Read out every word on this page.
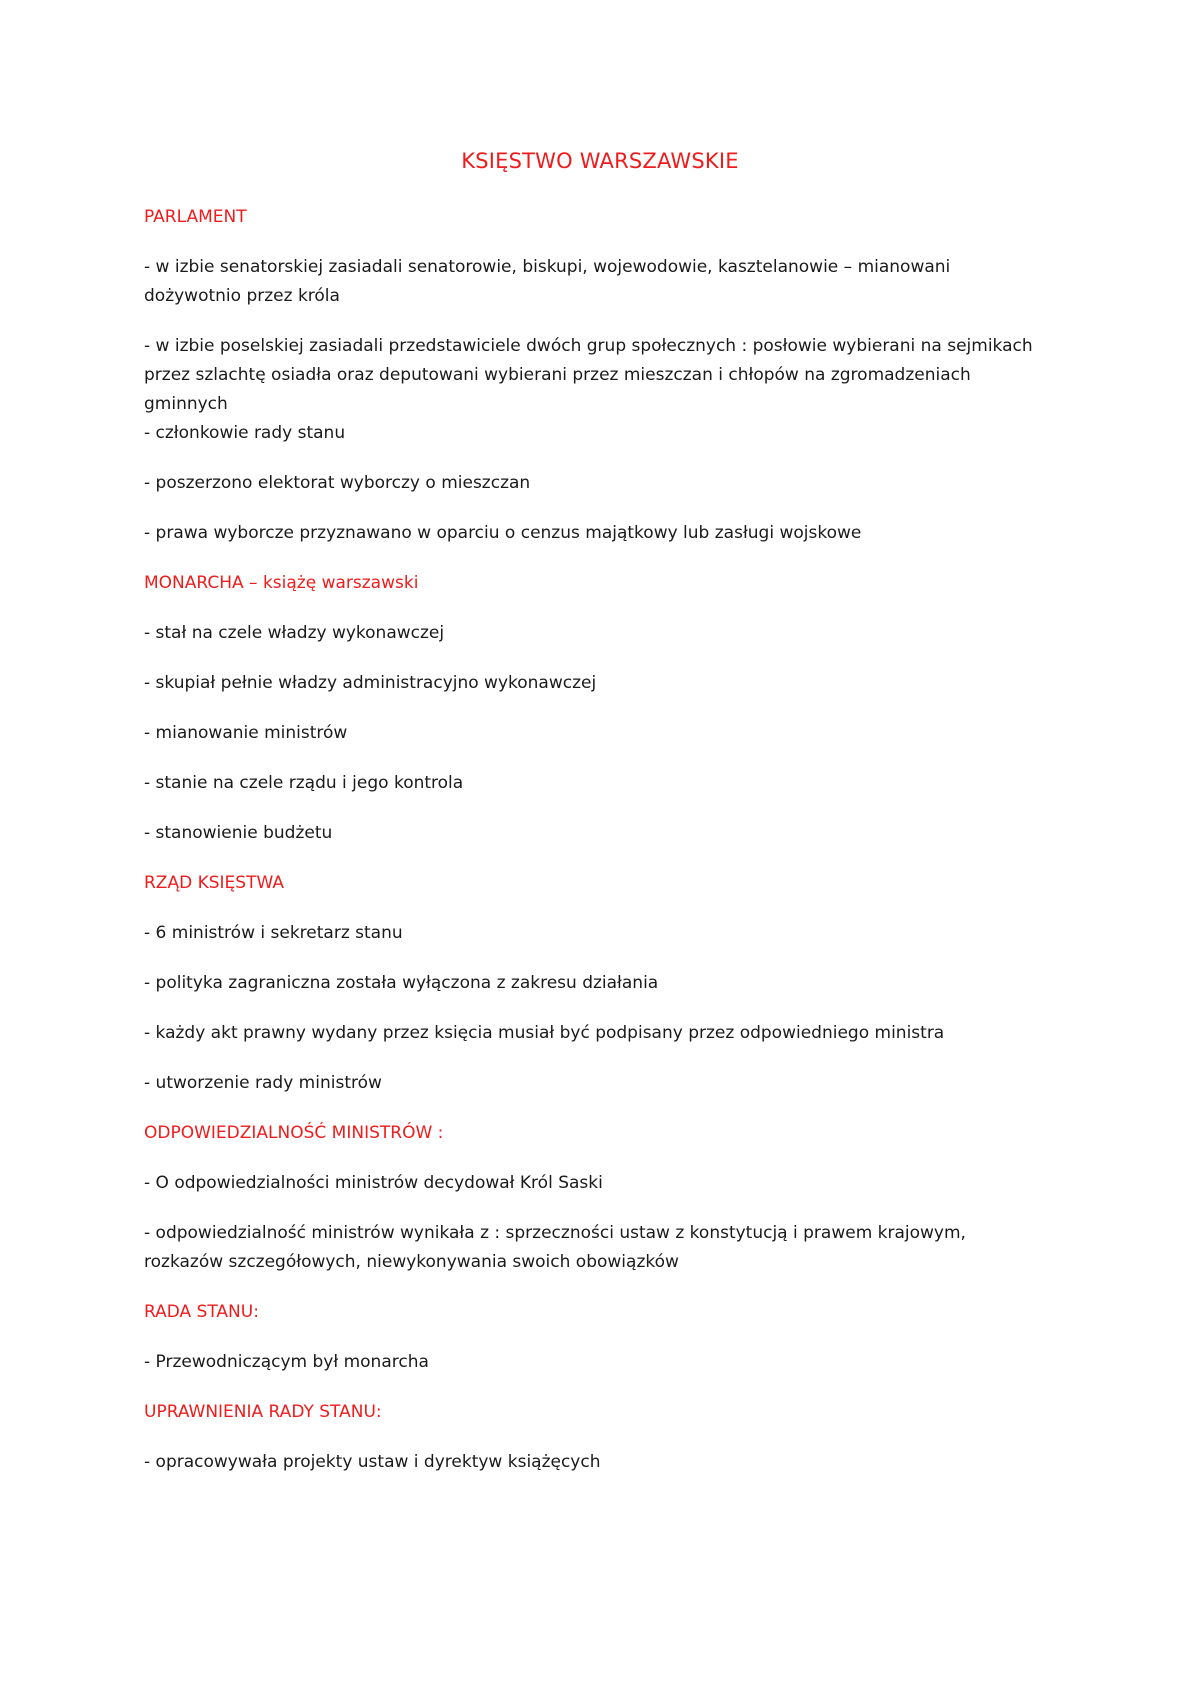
KSIĘSTWO WARSZAWSKIE
PARLAMENT

- w izbie senatorskiej zasiadali senatorowie, biskupi, wojewodowie, kasztelanowie – mianowani dożywotnio przez króla

- w izbie poselskiej zasiadali przedstawiciele dwóch grup społecznych : posłowie wybierani na sejmikach przez szlachtę osiadła oraz deputowani wybierani przez mieszczan i chłopów na zgromadzeniach gminnych

- członkowie rady stanu

- poszerzono elektorat wyborczy o mieszczan

- prawa wyborcze przyznawano w oparciu o cenzus majątkowy lub zasługi wojskowe

MONARCHA – książę warszawski

- stał na czele władzy wykonawczej

- skupiał pełnie władzy administracyjno wykonawczej

- mianowanie ministrów

- stanie na czele rządu i jego kontrola

- stanowienie budżetu

RZĄD KSIĘSTWA

- 6 ministrów i sekretarz stanu

- polityka zagraniczna została wyłączona z zakresu działania

- każdy akt prawny wydany przez księcia musiał być podpisany przez odpowiedniego ministra

- utworzenie rady ministrów

ODPOWIEDZIALNOŚĆ MINISTRÓW :

- O odpowiedzialności ministrów decydował Król Saski

- odpowiedzialność ministrów wynikała z : sprzeczności ustaw z konstytucją i prawem krajowym, rozkazów szczegółowych, niewykonywania swoich obowiązków

RADA STANU:

- Przewodniczącym był monarcha

UPRAWNIENIA RADY STANU:

- opracowywała projekty ustaw i dyrektyw książęcych
